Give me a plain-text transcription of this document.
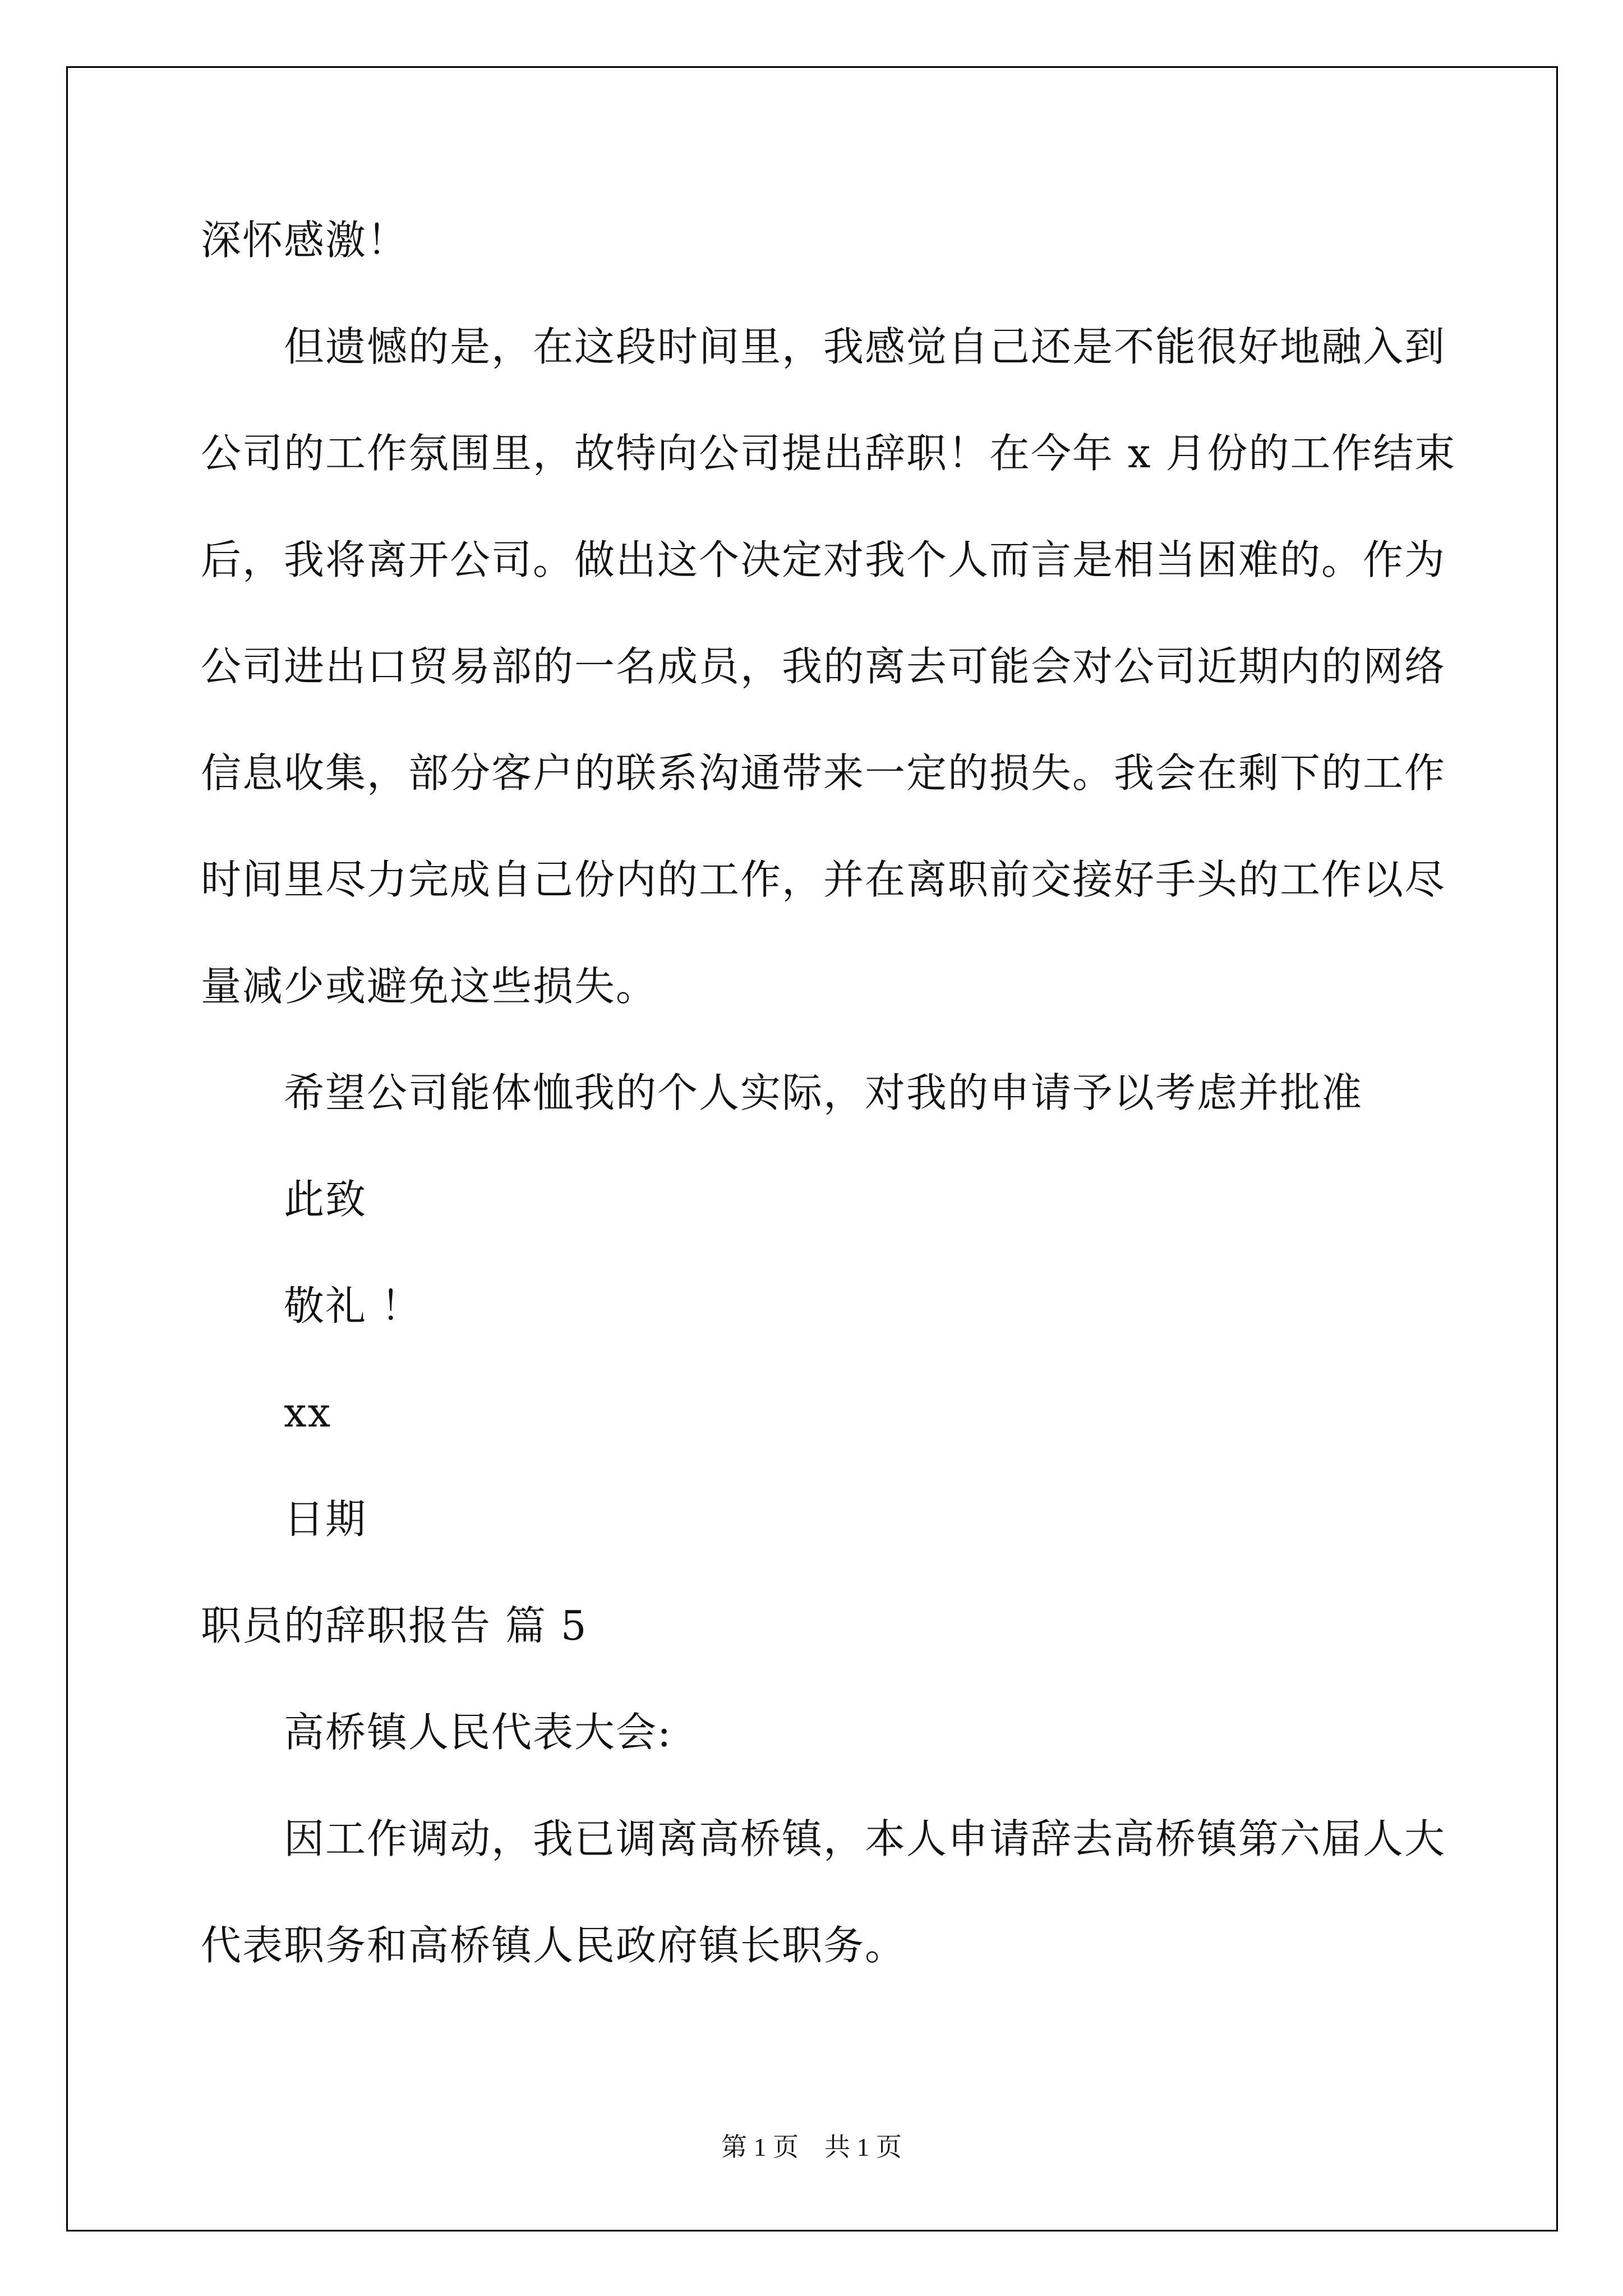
深怀感激！
但遗憾的是，在这段时间里，我感觉自己还是不能很好地融入到
公司的工作氛围里，故特向公司提出辞职！在今年 x 月份的工作结束
后，我将离开公司。做出这个决定对我个人而言是相当困难的。作为
公司进出口贸易部的一名成员，我的离去可能会对公司近期内的网络
信息收集，部分客户的联系沟通带来一定的损失。我会在剩下的工作
时间里尽力完成自己份内的工作，并在离职前交接好手头的工作以尽
量减少或避免这些损失。
希望公司能体恤我的个人实际，对我的申请予以考虑并批准
此致
敬礼 ！
xx
日期
职员的辞职报告 篇 5
高桥镇人民代表大会:
因工作调动，我已调离高桥镇，本人申请辞去高桥镇第六届人大
代表职务和高桥镇人民政府镇长职务。
第 1 页 共 1 页
